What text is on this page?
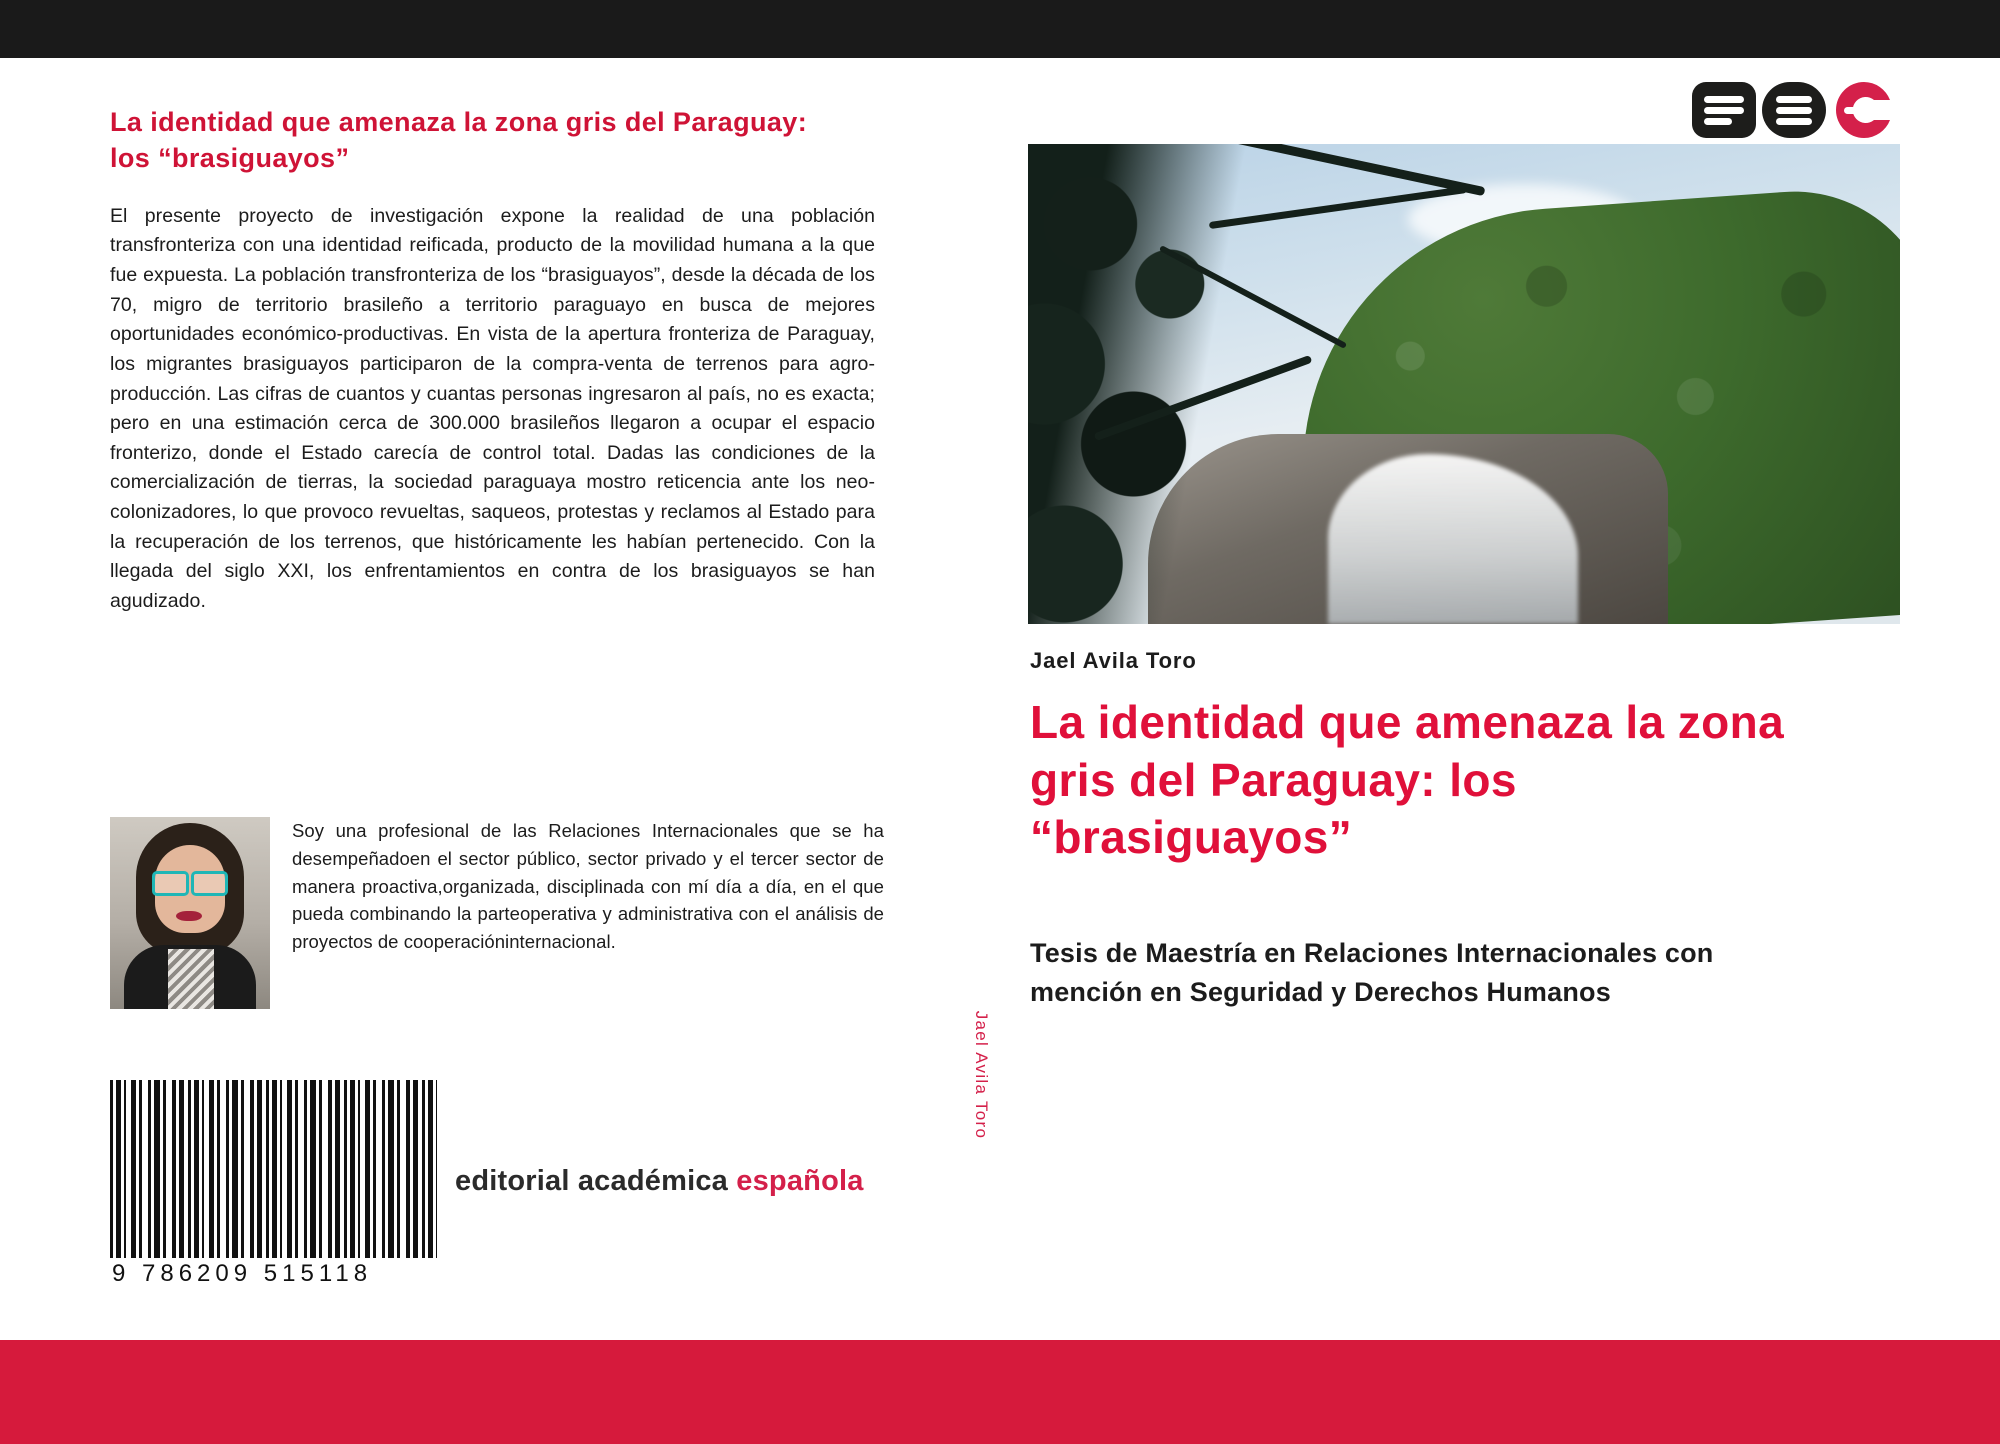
La identidad que amenaza la zona gris del Paraguay: los “brasiguayos”

El presente proyecto de investigación expone la realidad de una población transfronteriza con una identidad reificada, producto de la movilidad humana a la que fue expuesta. La población transfronteriza de los “brasiguayos”, desde la década de los 70, migro de territorio brasileño a territorio paraguayo en busca de mejores oportunidades económico-productivas. En vista de la apertura fronteriza de Paraguay, los migrantes brasiguayos participaron de la compra-venta de terrenos para agro-producción. Las cifras de cuantos y cuantas personas ingresaron al país, no es exacta; pero en una estimación cerca de 300.000 brasileños llegaron a ocupar el espacio fronterizo, donde el Estado carecía de control total. Dadas las condiciones de la comercialización de tierras, la sociedad paraguaya mostro reticencia ante los neo-colonizadores, lo que provoco revueltas, saqueos, protestas y reclamos al Estado para la recuperación de los terrenos, que históricamente les habían pertenecido. Con la llegada del siglo XXI, los enfrentamientos en contra de los brasiguayos se han agudizado.

Soy una profesional de las Relaciones Internacionales que se ha desempeñadoen el sector público, sector privado y el tercer sector de manera proactiva,organizada, disciplinada con mí día a día, en el que pueda combinando la parteoperativa y administrativa con el análisis de proyectos de cooperacióninternacional.
9 786209 515118
editorial académica española
Jael Avila Toro
Jael Avila Toro
La identidad que amenaza la zona gris del Paraguay: los “brasiguayos”
Tesis de Maestría en Relaciones Internacionales con mención en Seguridad y Derechos Humanos
